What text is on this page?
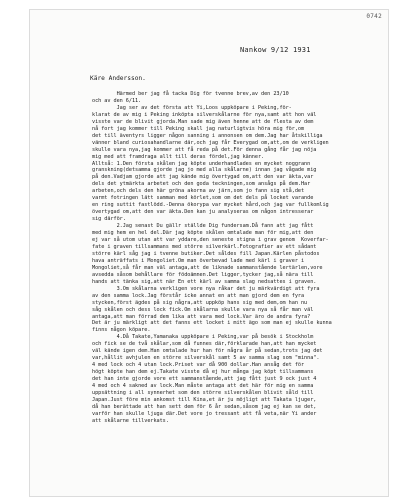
0742
Nankow 9/12 1931
Käre Andersson.
Härmed ber jag få tacka Dig för tvenne brev,av den 23/10
och av den 6/11.
Jag ser av det första att Yi,Loos uppköpare i Peking,för-
klarat de av mig i Peking inköpta silverskålarne för nya,samt att hon väl
visste var de blivit gjorda.Man sade mig även henne att de flesta av dem
nå fort jag kommer till Peking skall jag naturligtvis höra mig för,om
det till äventyrs ligger någon sanning i annonsen om dem.Jag har åtskilliga
vänner bland curiosahandlarne där,och jag får Everygad om,att,om de verkligen
skulle vara nya,jag kommer att få reda på det.För denna gång får jag nöja
mig med att framdraga allt till deras fördel,jag känner.
Alltså: 1.Den första skålen jag köpte underhandlades en mycket noggrann
granskning(detsamma gjorde jag jo med alla skålarne) innan jag vågade mig
på den.Vadjam gjorde att jag kände mig övertygad om,att den var äkta,var
dels det ytmärkta arbetet och den goda teckningen,som ansågs på dem.Har
arbeten,och dels den här gröna akorna av järn,som jo fann sig stå,det
varmt fotringen lätt samman med körlet,som om det dels på locket varande
en ring suttit fastlödd.-Denna ökorypa var mycket hård,och jag var fullkomlig
övertygad om,att den var äkta.Den kan ju analyseras om någon intresserar
sig därför.
2.Jag senast Du gällr ställde Dig fundersam.Då fann att jag fått
med mig hem en hel del.Där jag köpte skålen omtalade man för mig,att den
ej var så utom utan att var yddare,den seneste stigna i grav genom  Koverfar-
fate i graven tillsammans med större silverkärl.Fotografier av ett sådant
större kärl såg jag i tvenne butiker.Det såldes fill Japan.Kärlen påstodos
hava anträffats i Mongoliet.Om man överbevad lade med kärl i graver i
Mongoliet,så får man väl antaga,att de liknade sammanstående lertärlen,vore
avsedda såsom behållare för födoämnen.Det ligger,tycker jag,så nära till
hands att tänka sig,att när En ett kärl av samma slag nedsattes i graven.
3.Om skålarna verkligen vore nya råkar det ju märkvärdigt att fyra
av den samma lock.Jag förstår icke annat en att man gjord dem en fyra
stycken,först ägdes på sig några,att uppköp hans sig med dem,om han nu
såg skålen och dess lock fick.Om skålarna skulle vara nya så får man väl
antaga,att man förrad dem lika att vara med lock.Var äro de andra fyra?
Det är ju märkligt att det fanns ett locket i mitt ägo som man ej skulle kunna
finns någon köpare.
4.Då Takate,Yamanaka uppköpare i Peking,var på besök i Stockholm
och fick se de två skålar,som då funnes där,förklarade han,att han mycket
väl kände igen dem.Han omtalade hur han för några år på sedan,trots jag det
var,hållit avhjulen en större silverskål samt 5 av samma slag som "minna".
4 med lock och 4 utan lock.Priset var då 900 dollar.Han ansåg det för
högt köpte han dem ej.Takate visste då ej hur många jag köpt tillsammans
det han inte gjorde vore ett sammanstående,att jag fått just 9 ock just 4
4 med och 4 sakned av lock.Man måste antaga att det här för mig en samma
uppsättning i all synnerhet som den större silverskålen blivit såld till
Japan.Just före min ankomst till Kina,et är ju möjligt att Takata ljuger,
då han berättade att han sett dem för 6 år sedan,såsom jag ej kan se det,
varför han skulle ljuga där.Det vore jo tressant att få veta,när Yi ander
att skålarne tillverkats.
